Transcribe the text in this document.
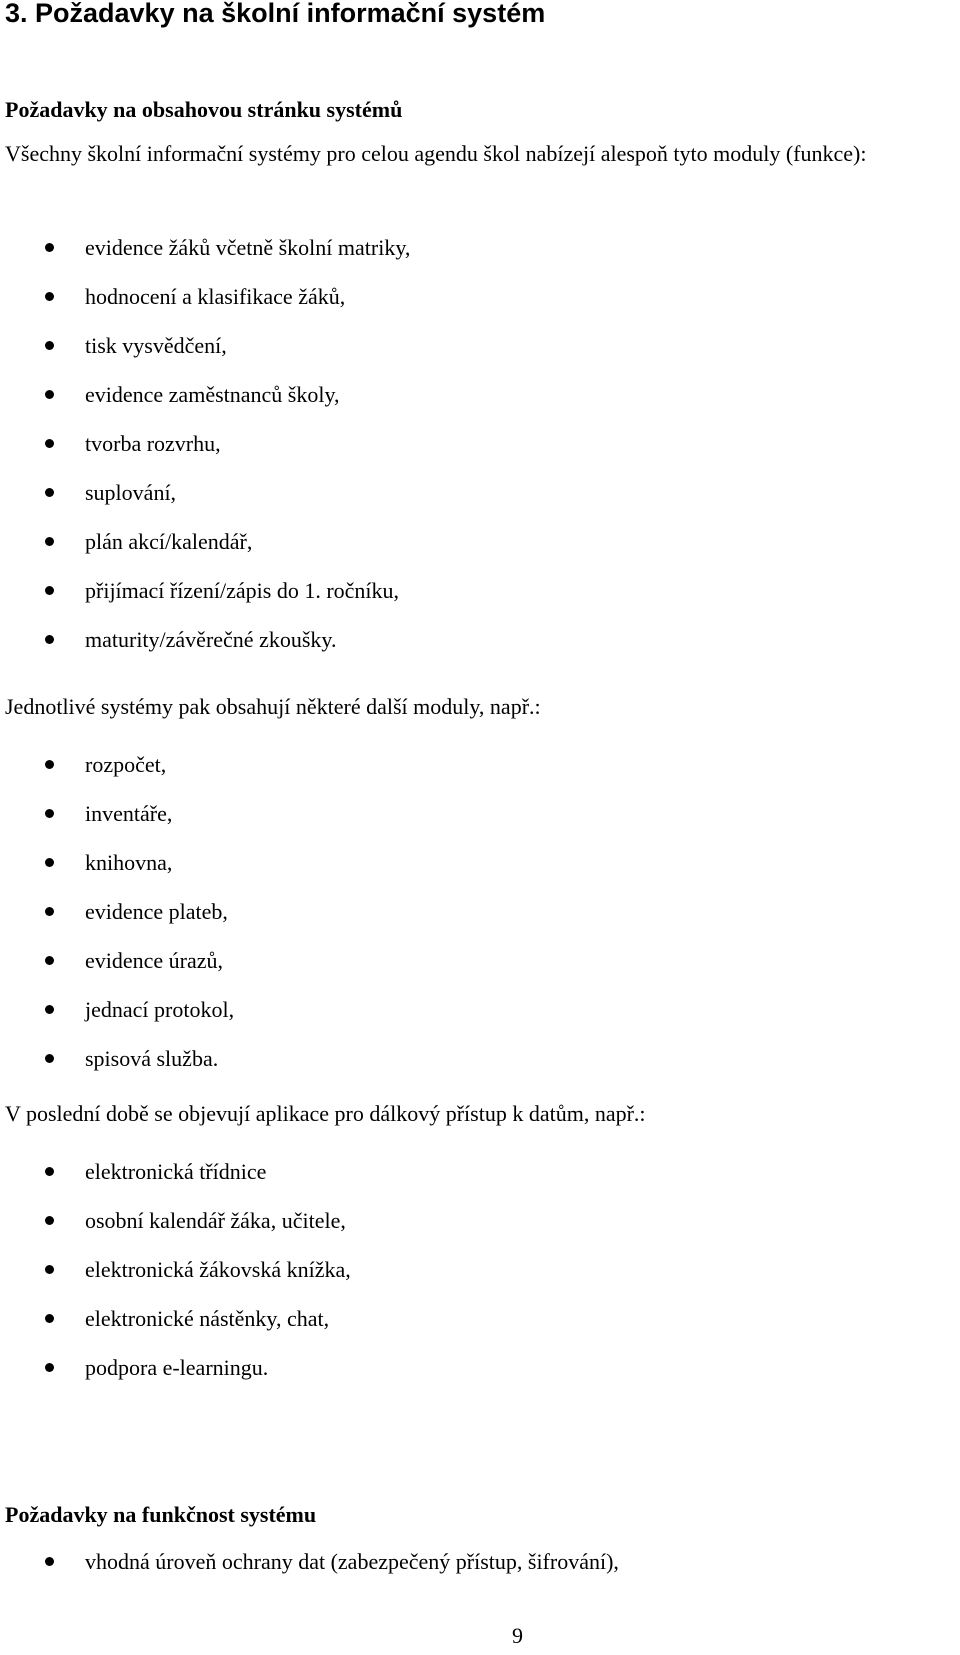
3. Požadavky na školní informační systém
Požadavky na obsahovou stránku systémů
Všechny školní informační systémy pro celou agendu škol nabízejí alespoň tyto moduly (funkce):
evidence žáků včetně školní matriky,
hodnocení a klasifikace žáků,
tisk vysvědčení,
evidence zaměstnanců školy,
tvorba rozvrhu,
suplování,
plán akcí/kalendář,
přijímací řízení/zápis do 1. ročníku,
maturity/závěrečné zkoušky.
Jednotlivé systémy pak obsahují některé další moduly, např.:
rozpočet,
inventáře,
knihovna,
evidence plateb,
evidence úrazů,
jednací protokol,
spisová služba.
V poslední době se objevují aplikace pro dálkový přístup k datům, např.:
elektronická třídnice
osobní kalendář žáka, učitele,
elektronická žákovská knížka,
elektronické nástěnky, chat,
podpora e-learningu.
Požadavky na funkčnost systému
vhodná úroveň ochrany dat (zabezpečený přístup, šifrování),
9
